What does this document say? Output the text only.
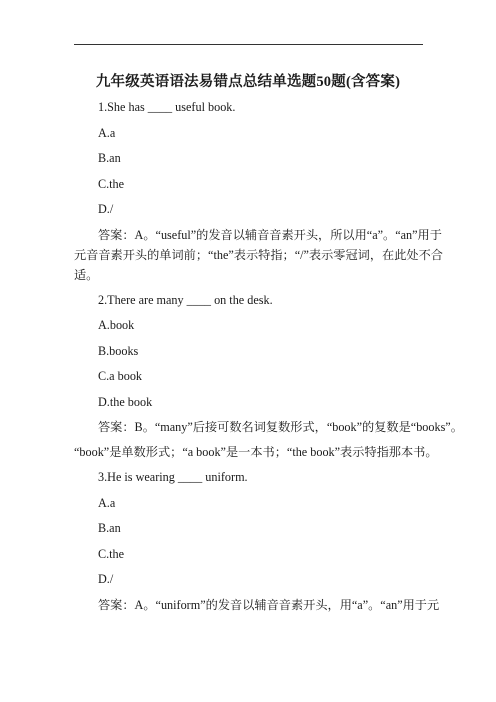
九年级英语语法易错点总结单选题50题(含答案)

1.She has ____ useful book.

A.a

B.an

C.the

D./

答案：A。“useful”的发音以辅音音素开头，所以用“a”。“an”用于

元音音素开头的单词前；“the”表示特指；“/”表示零冠词，在此处不合

适。

2.There are many ____ on the desk.

A.book

B.books

C.a book

D.the book

答案：B。“many”后接可数名词复数形式，“book”的复数是“books”。

“book”是单数形式；“a book”是一本书；“the book”表示特指那本书。

3.He is wearing ____ uniform.

A.a

B.an

C.the

D./

答案：A。“uniform”的发音以辅音音素开头，用“a”。“an”用于元
